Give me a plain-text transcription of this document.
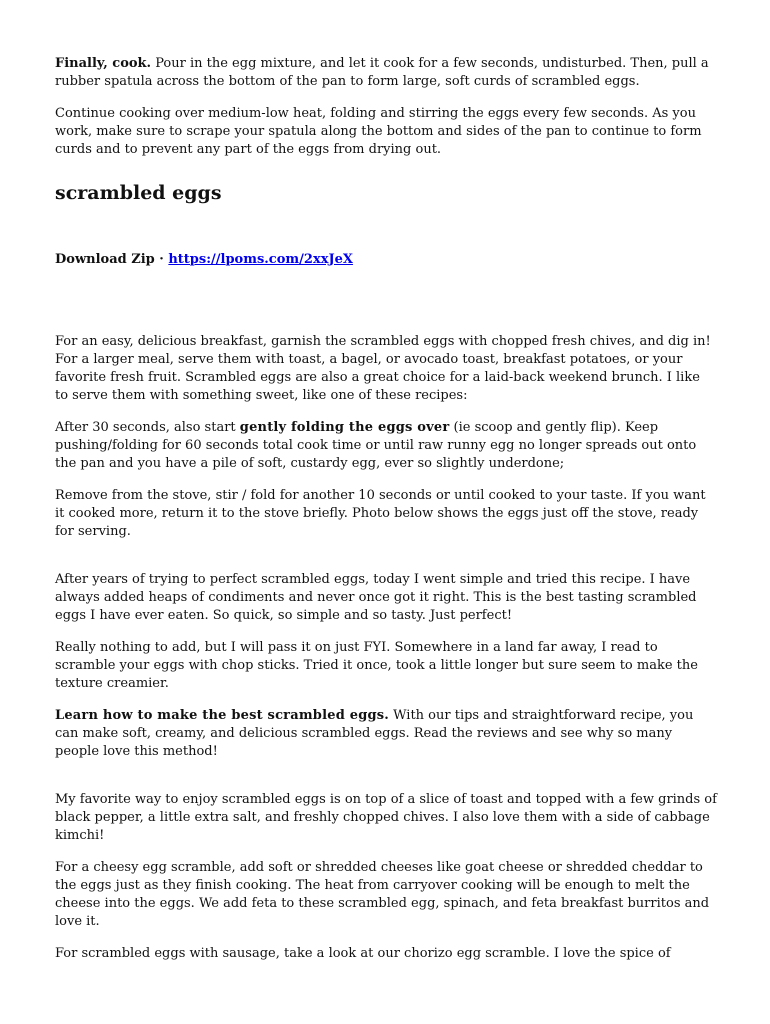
Finally, cook. Pour in the egg mixture, and let it cook for a few seconds, undisturbed. Then, pull a rubber spatula across the bottom of the pan to form large, soft curds of scrambled eggs.

Continue cooking over medium-low heat, folding and stirring the eggs every few seconds. As you work, make sure to scrape your spatula along the bottom and sides of the pan to continue to form curds and to prevent any part of the eggs from drying out.

scrambled eggs
Download Zip · https://lpoms.com/2xxJeX

For an easy, delicious breakfast, garnish the scrambled eggs with chopped fresh chives, and dig in! For a larger meal, serve them with toast, a bagel, or avocado toast, breakfast potatoes, or your favorite fresh fruit. Scrambled eggs are also a great choice for a laid-back weekend brunch. I like to serve them with something sweet, like one of these recipes:

After 30 seconds, also start gently folding the eggs over (ie scoop and gently flip). Keep pushing/folding for 60 seconds total cook time or until raw runny egg no longer spreads out onto the pan and you have a pile of soft, custardy egg, ever so slightly underdone;

Remove from the stove, stir / fold for another 10 seconds or until cooked to your taste. If you want it cooked more, return it to the stove briefly. Photo below shows the eggs just off the stove, ready for serving.

After years of trying to perfect scrambled eggs, today I went simple and tried this recipe. I have always added heaps of condiments and never once got it right. This is the best tasting scrambled eggs I have ever eaten. So quick, so simple and so tasty. Just perfect!

Really nothing to add, but I will pass it on just FYI. Somewhere in a land far away, I read to scramble your eggs with chop sticks. Tried it once, took a little longer but sure seem to make the texture creamier.

Learn how to make the best scrambled eggs. With our tips and straightforward recipe, you can make soft, creamy, and delicious scrambled eggs. Read the reviews and see why so many people love this method!

My favorite way to enjoy scrambled eggs is on top of a slice of toast and topped with a few grinds of black pepper, a little extra salt, and freshly chopped chives. I also love them with a side of cabbage kimchi!

For a cheesy egg scramble, add soft or shredded cheeses like goat cheese or shredded cheddar to the eggs just as they finish cooking. The heat from carryover cooking will be enough to melt the cheese into the eggs. We add feta to these scrambled egg, spinach, and feta breakfast burritos and love it.

For scrambled eggs with sausage, take a look at our chorizo egg scramble. I love the spice of
